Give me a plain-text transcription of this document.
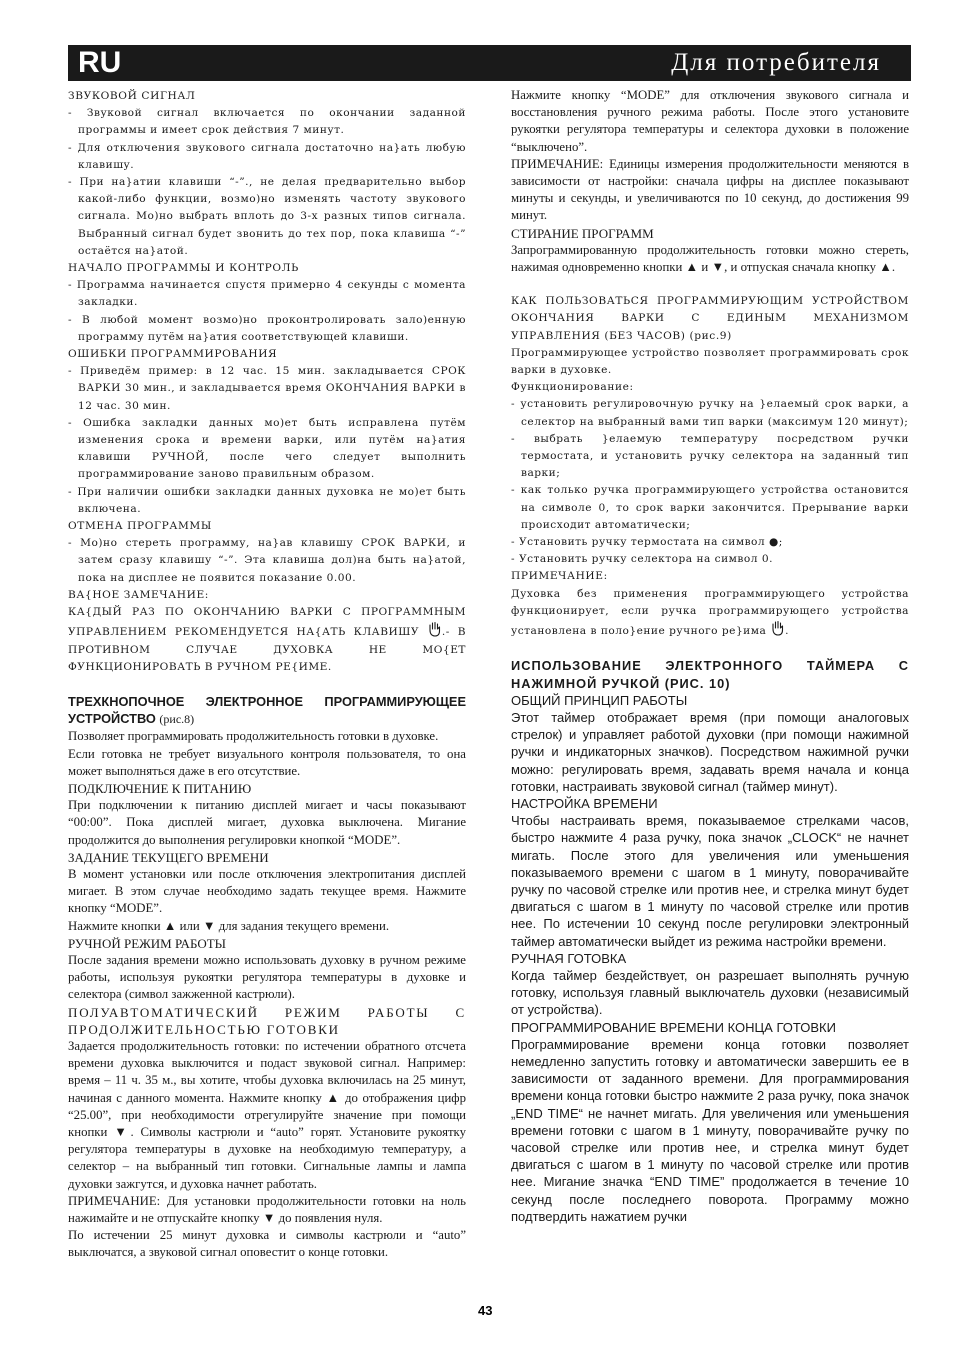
RU	Для потребителя
ЗВУКОВОЙ СИГНАЛ
- Звуковой сигнал включается по окончании заданной программы и имеет срок действия 7 минут.
- Для отключения звукового сигнала достаточно на}ать любую клавишу.
- При на}атии клавиши “-”., не делая предварительно выбор какой-либо функции, возмо)но изменять частоту звукового сигнала. Мо)но выбрать вплоть до 3-х разных типов сигнала. Выбранный сигнал будет звонить до тех пор, пока клавиша “-” остаётся на}атой.
НАЧАЛО ПРОГРАММЫ И КОНТРОЛЬ
- Программа начинается спустя примерно 4 секунды с момента закладки.
- В любой момент возмо)но проконтролировать зало)енную программу путём на}атия соответствующей клавиши.
ОШИБКИ ПРОГРАММИРОВАНИЯ
- Приведём пример: в 12 час. 15 мин. закладывается СРОК ВАРКИ 30 мин., и закладывается время ОКОНЧАНИЯ ВАРКИ в 12 час. 30 мин.
- Ошибка закладки данных мо)ет быть исправлена путём изменения срока и времени варки, или путём на}атия клавиши РУЧНОЙ, после чего следует выполнить программирование заново правильным образом.
- При наличии ошибки закладки данных духовка не мо)ет быть включена.
ОТМЕНА ПРОГРАММЫ
- Мо)но стереть программу, на}ав клавишу СРОК ВАРКИ, и затем сразу клавишу “-”. Эта клавиша дол)на быть на}атой, пока на дисплее не появится показание 0.00.
ВА{НОЕ ЗАМЕЧАНИЕ:
КА{ДЫЙ РАЗ ПО ОКОНЧАНИЮ ВАРКИ С ПРОГРАММНЫМ УПРАВЛЕНИЕМ РЕКОМЕНДУЕТСЯ НА{АТЬ КЛАВИШУ .- В ПРОТИВНОМ СЛУЧАЕ ДУХОВКА НЕ МО{ЕТ ФУНКЦИОНИРОВАТЬ В РУЧНОМ РЕ{ИМЕ.
ТРЕХКНОПОЧНОЕ ЭЛЕКТРОННОЕ ПРОГРАММИРУЮЩЕЕ УСТРОЙСТВО (рис.8)
Позволяет программировать продолжительность готовки в духовке.
Если готовка не требует визуального контроля пользователя, то она может выполняться даже в его отсутствие.
ПОДКЛЮЧЕНИЕ К ПИТАНИЮ
При подключении к питанию дисплей мигает и часы показывают “00:00”. Пока дисплей мигает, духовка выключена. Мигание продолжится до выполнения регулировки кнопкой “MODE”.
ЗАДАНИЕ ТЕКУЩЕГО ВРЕМЕНИ
В момент установки или после отключения электропитания дисплей мигает. В этом случае необходимо задать текущее время. Нажмите кнопку “MODE”.
Нажмите кнопки ▲ или ▼ для задания текущего времени.
РУЧНОЙ РЕЖИМ РАБОТЫ
После задания времени можно использовать духовку в ручном режиме работы, используя рукоятки регулятора температуры в духовке и селектора (символ зажженной кастрюли).
ПОЛУАВТОМАТИЧЕСКИЙ РЕЖИМ РАБОТЫ С ПРОДОЛЖИТЕЛЬНОСТЬЮ ГОТОВКИ
Задается продолжительность готовки: по истечении обратного отсчета времени духовка выключится и подаст звуковой сигнал. Например: время – 11 ч. 35 м., вы хотите, чтобы духовка включилась на 25 минут, начиная с данного момента. Нажмите кнопку ▲ до отображения цифр “25.00”, при необходимости отрегулируйте значение при помощи кнопки ▼. Символы кастрюли и “auto” горят. Установите рукоятку регулятора температуры в духовке на необходимую температуру, а селектор – на выбранный тип готовки. Сигнальные лампы и лампа духовки зажгутся, и духовка начнет работать.
ПРИМЕЧАНИЕ: Для установки продолжительности готовки на ноль нажимайте и не отпускайте кнопку ▼ до появления нуля.
По истечении 25 минут духовка и символы кастрюли и “auto” выключатся, а звуковой сигнал оповестит о конце готовки.
Нажмите кнопку “MODE” для отключения звукового сигнала и восстановления ручного режима работы. После этого установите рукоятки регулятора температуры и селектора духовки в положение “выключено”.
ПРИМЕЧАНИЕ: Единицы измерения продолжительности меняются в зависимости от настройки: сначала цифры на дисплее показывают минуты и секунды, и увеличиваются по 10 секунд, до достижения 99 минут.
СТИРАНИЕ ПРОГРАММ
Запрограммированную продолжительность готовки можно стереть, нажимая одновременно кнопки ▲ и ▼, и отпуская сначала кнопку ▲.
КАК ПОЛЬЗОВАТЬСЯ ПРОГРАММИРУЮЩИМ УСТРОЙСТВОМ ОКОНЧАНИЯ ВАРКИ С ЕДИНЫМ МЕХАНИЗМОМ УПРАВЛЕНИЯ (БЕЗ ЧАСОВ) (рис.9)
Программирующее устройство позволяет программировать срок варки в духовке.
Функционирование:
- установить регулировочную ручку на }елаемый срок варки, а селектор на выбранный вами тип варки (максимум 120 минут);
- выбрать }елаемую температуру посредством ручки термостата, и установить ручку селектора на заданный тип варки;
- как только ручка программирующего устройства остановится на символе 0, то срок варки закончится. Прерывание варки происходит автоматически;
- Установить ручку термостата на символ ●;
- Установить ручку селектора на символ 0.
ПРИМЕЧАНИЕ:
Духовка без применения программирующего устройства функционирует, если ручка программирующего устройства установлена в поло}ение ручного ре}има .
ИСПОЛЬЗОВАНИЕ ЭЛЕКТРОННОГО ТАЙМЕРА С НАЖИМНОЙ РУЧКОЙ (РИС. 10)
ОБЩИЙ ПРИНЦИП РАБОТЫ
Этот таймер отображает время (при помощи аналоговых стрелок) и управляет работой духовки (при помощи нажимной ручки и индикаторных значков). Посредством нажимной ручки можно: регулировать время, задавать время начала и конца готовки, настраивать звуковой сигнал (таймер минут).
НАСТРОЙКА ВРЕМЕНИ
Чтобы настраивать время, показываемое стрелками часов, быстро нажмите 4 раза ручку, пока значок „CLOCK“ не начнет мигать. После этого для увеличения или уменьшения показываемого времени с шагом в 1 минуту, поворачивайте ручку по часовой стрелке или против нее, и стрелка минут будет двигаться с шагом в 1 минуту по часовой стрелке или против нее. По истечении 10 секунд после регулировки электронный таймер автоматически выйдет из режима настройки времени.
РУЧНАЯ ГОТОВКА
Когда таймер бездействует, он разрешает выполнять ручную готовку, используя главный выключатель духовки (независимый от устройства).
ПРОГРАММИРОВАНИЕ ВРЕМЕНИ КОНЦА ГОТОВКИ
Программирование времени конца готовки позволяет немедленно запустить готовку и автоматически завершить ее в зависимости от заданного времени. Для программирования времени конца готовки быстро нажмите 2 раза ручку, пока значок „END TIME“ не начнет мигать. Для увеличения или уменьшения времени готовки с шагом в 1 минуту, поворачивайте ручку по часовой стрелке или против нее, и стрелка минут будет двигаться с шагом в 1 минуту по часовой стрелке или против нее. Мигание значка “END TIME” продолжается в течение 10 секунд после последнего поворота. Программу можно подтвердить нажатием ручки
43
